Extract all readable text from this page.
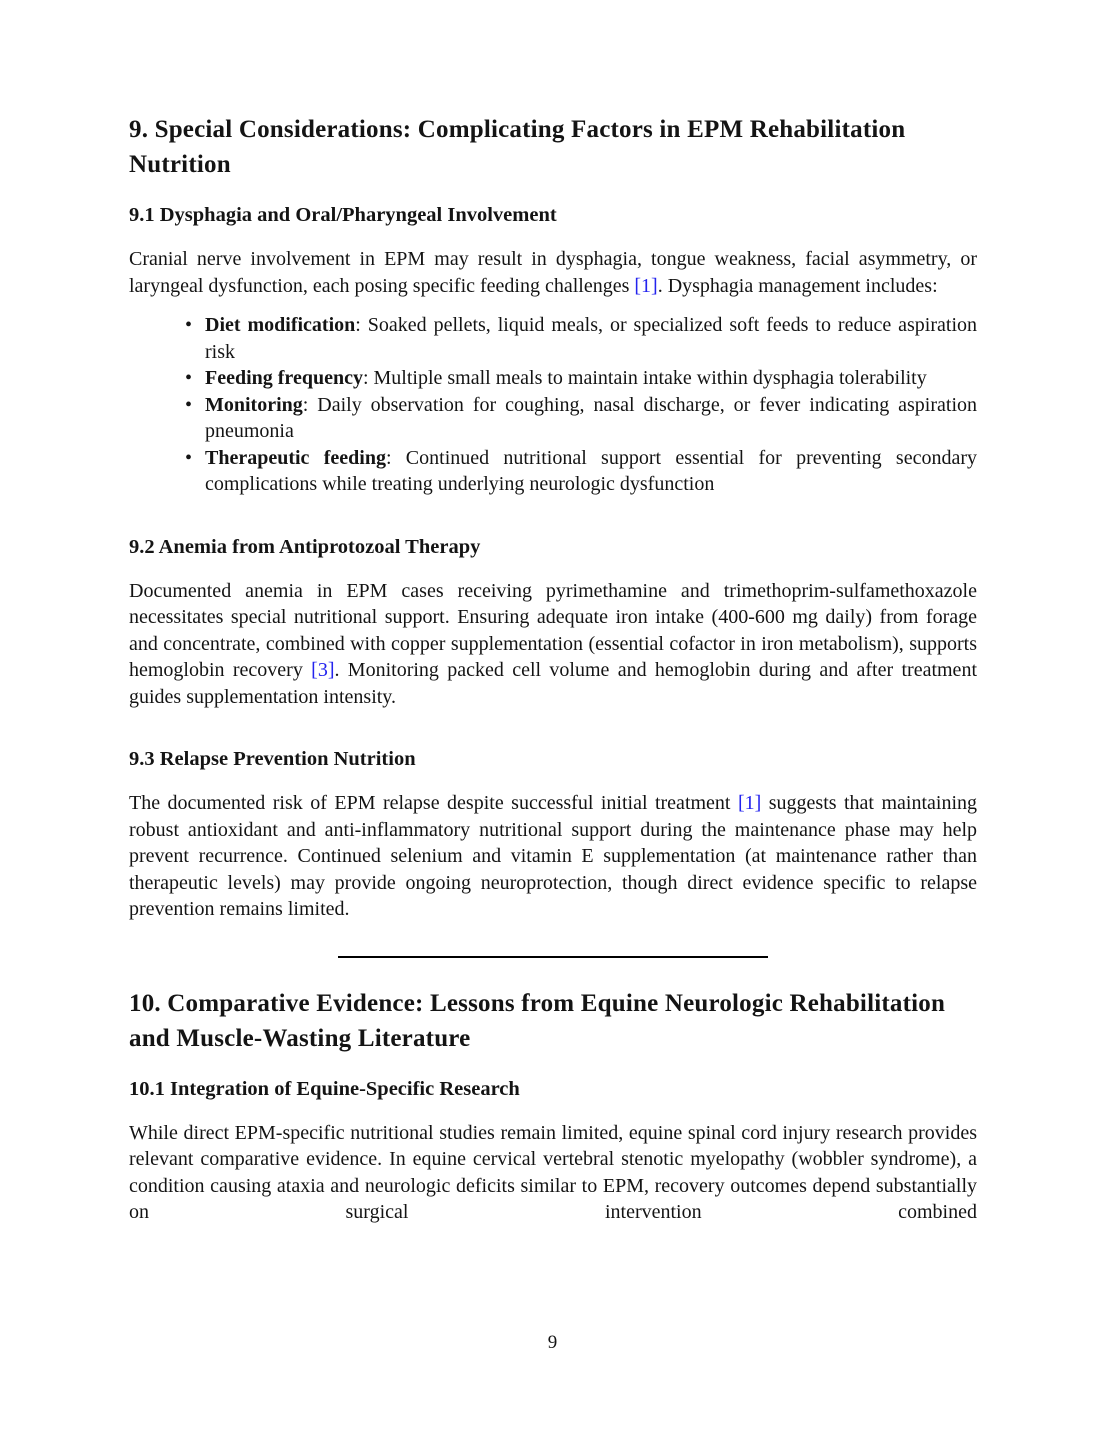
9. Special Considerations: Complicating Factors in EPM Rehabilitation Nutrition
9.1 Dysphagia and Oral/Pharyngeal Involvement

Cranial nerve involvement in EPM may result in dysphagia, tongue weakness, facial asymmetry, or laryngeal dysfunction, each posing specific feeding challenges [1]. Dysphagia management includes:

• Diet modification: Soaked pellets, liquid meals, or specialized soft feeds to reduce aspiration risk
• Feeding frequency: Multiple small meals to maintain intake within dysphagia tolerability
• Monitoring: Daily observation for coughing, nasal discharge, or fever indicating aspiration pneumonia
• Therapeutic feeding: Continued nutritional support essential for preventing secondary complications while treating underlying neurologic dysfunction
9.2 Anemia from Antiprotozoal Therapy

Documented anemia in EPM cases receiving pyrimethamine and trimethoprim-sulfamethoxazole necessitates special nutritional support. Ensuring adequate iron intake (400-600 mg daily) from forage and concentrate, combined with copper supplementation (essential cofactor in iron metabolism), supports hemoglobin recovery [3]. Monitoring packed cell volume and hemoglobin during and after treatment guides supplementation intensity.

9.3 Relapse Prevention Nutrition

The documented risk of EPM relapse despite successful initial treatment [1] suggests that maintaining robust antioxidant and anti-inflammatory nutritional support during the maintenance phase may help prevent recurrence. Continued selenium and vitamin E supplementation (at maintenance rather than therapeutic levels) may provide ongoing neuroprotection, though direct evidence specific to relapse prevention remains limited.

10. Comparative Evidence: Lessons from Equine Neurologic Rehabilitation and Muscle-Wasting Literature
10.1 Integration of Equine-Specific Research

While direct EPM-specific nutritional studies remain limited, equine spinal cord injury research provides relevant comparative evidence. In equine cervical vertebral stenotic myelopathy (wobbler syndrome), a condition causing ataxia and neurologic deficits similar to EPM, recovery outcomes depend substantially on surgical intervention combined

9
